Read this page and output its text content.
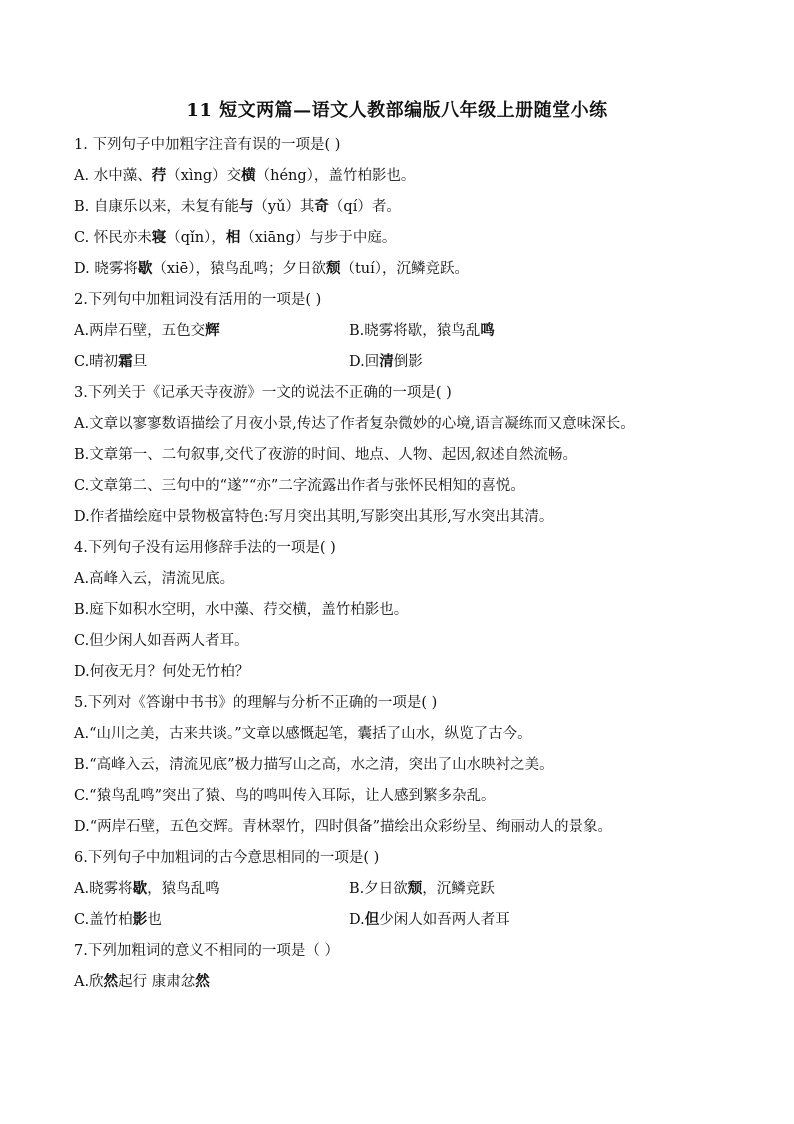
11 短文两篇—语文人教部编版八年级上册随堂小练
1. 下列句子中加粗字注音有误的一项是( )
A. 水中藻、荇（xìng）交横（héng），盖竹柏影也。
B. 自康乐以来，未复有能与（yǔ）其奇（qí）者。
C. 怀民亦未寝（qǐn），相（xiāng）与步于中庭。
D. 晓雾将歇（xiē），猿鸟乱鸣；夕日欲颓（tuí），沉鳞竞跃。
2.下列句中加粗词没有活用的一项是( )
A.两岸石壁，五色交辉	B.晓雾将歇，猿鸟乱鸣
C.晴初霜旦	D.回清倒影
3.下列关于《记承天寺夜游》一文的说法不正确的一项是( )
A.文章以寥寥数语描绘了月夜小景,传达了作者复杂微妙的心境,语言凝练而又意味深长。
B.文章第一、二句叙事,交代了夜游的时间、地点、人物、起因,叙述自然流畅。
C.文章第二、三句中的“遂”“亦”二字流露出作者与张怀民相知的喜悦。
D.作者描绘庭中景物极富特色:写月突出其明,写影突出其形,写水突出其清。
4.下列句子没有运用修辞手法的一项是( )
A.高峰入云，清流见底。
B.庭下如积水空明，水中藻、荇交横，盖竹柏影也。
C.但少闲人如吾两人者耳。
D.何夜无月？何处无竹柏？
5.下列对《答谢中书书》的理解与分析不正确的一项是( )
A.“山川之美，古来共谈。”文章以感慨起笔，囊括了山水，纵览了古今。
B.“高峰入云，清流见底”极力描写山之高，水之清，突出了山水映衬之美。
C.“猿鸟乱鸣”突出了猿、鸟的鸣叫传入耳际，让人感到繁多杂乱。
D.“两岸石壁，五色交辉。青林翠竹，四时俱备”描绘出众彩纷呈、绚丽动人的景象。
6.下列句子中加粗词的古今意思相同的一项是( )
A.晓雾将歇，猿鸟乱鸣	B.夕日欲颓，沉鳞竞跃
C.盖竹柏影也	D.但少闲人如吾两人者耳
7.下列加粗词的意义不相同的一项是（ ）
A.欣然起行 康肃忿然
